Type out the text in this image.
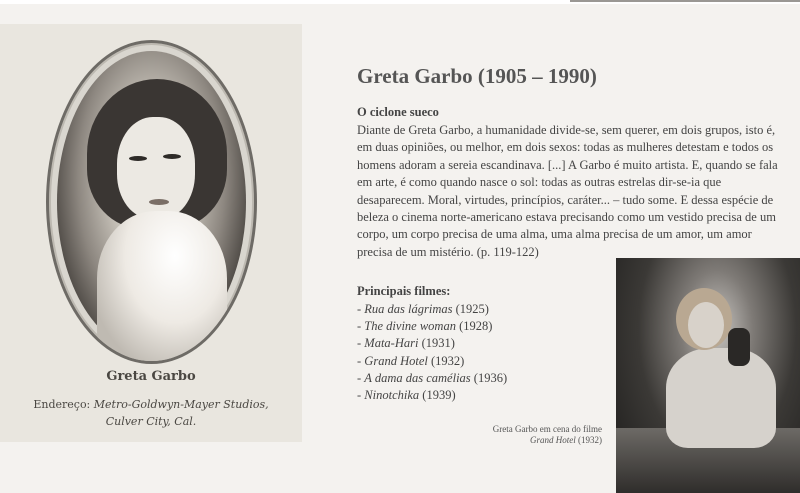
Greta Garbo
Endereço: Metro-Goldwyn-Mayer Studios,
Culver City, Cal.
Greta Garbo (1905 – 1990)
O ciclone sueco

Diante de Greta Garbo, a humanidade divide-se, sem querer, em dois grupos, isto é, em duas opiniões, ou melhor, em dois sexos: todas as mulheres detestam e todos os homens adoram a sereia escandinava. [...] A Garbo é muito artista. E, quando se fala em arte, é como quando nasce o sol: todas as outras estrelas dir-se-ia que desaparecem. Moral, virtudes, princípios, caráter... – tudo some. E dessa espécie de beleza o cinema norte-americano estava precisando como um vestido precisa de um corpo, um corpo precisa de uma alma, uma alma precisa de um amor, um amor precisa de um mistério. (p. 119-122)

Principais filmes:
- Rua das lágrimas (1925)
- The divine woman (1928)
- Mata-Hari (1931)
- Grand Hotel (1932)
- A dama das camélias (1936)
- Ninotchika (1939)
Greta Garbo em cena do filme
Grand Hotel (1932)
